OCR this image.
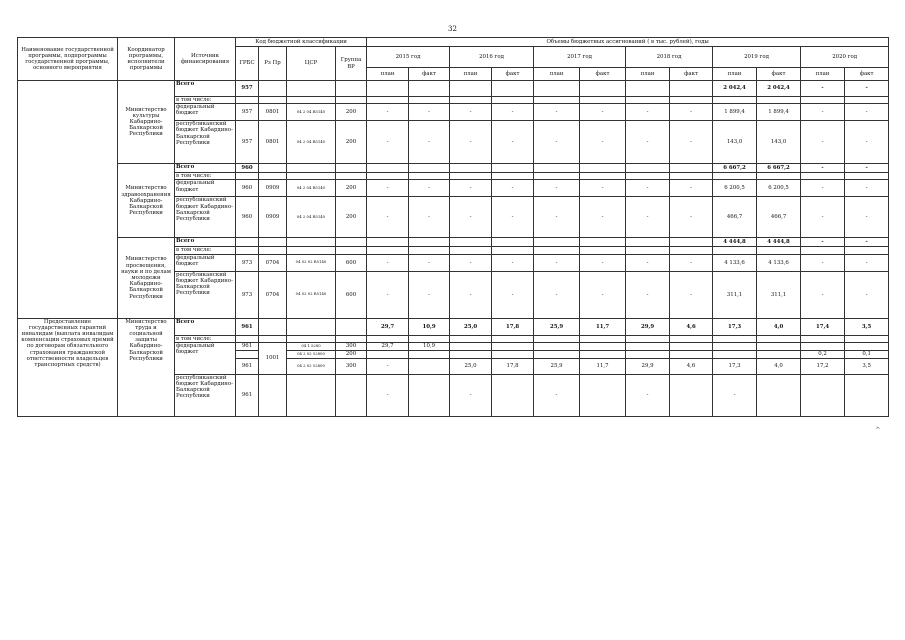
32
Наименование государственной программы, подпрограммы государственной программы, основного мероприятия	Координатор программы, исполнители программы	Источник финансирования	Код бюджетной классификации				Объемы бюджетных ассигнований ( в тыс. рублей), годы											
			ГРБС	Рз Пр	ЦСР	Группа ВР	2015 год		2016 год		2017 год		2018 год		2019 год		2020 год	
							план	факт	план	факт	план	факт	план	факт	план	факт	план	факт
	Министерство культуры Кабардино-Балкарской Республики	Всего	957												2 042,4	2 042,4	-	-
		в том числе:																
		федеральный бюджет	957	0801	04 2 04 R5140	200	-	-	-	-	-	-	-	-	1 899,4	1 899,4	-	-
		республиканский бюджет Кабардино-Балкарской Республики	957	0801	04 2 04 R5140	200	-	-	-	-	-	-	-	-	143,0	143,0	-	-
	Министерство здравоохранения Кабардино-Балкарской Республики	Всего	960												6 667,2	6 667,2	-	-
		в том числе:																
		федеральный бюджет	960	0909	04 2 04 R5140	200	-	-	-	-	-	-	-	-	6 200,5	6 200,5	-	-
		республиканский бюджет Кабардино-Балкарской Республики	960	0909	04 2 04 R5140	200	-	-	-	-	-	-	-	-	466,7	466,7	-	-
	Министерство просвещения, науки и по делам молодежи Кабардино-Балкарской Республики	Всего													4 444,8	4 444,8	-	-
		в том числе:																
		федеральный бюджет	973	0704	04 02 02 R5140	600	-	-	-	-	-	-	-	-	4 133,6	4 133,6	-	-
		республиканский бюджет Кабардино-Балкарской Республики	973	0704	04 02 02 R5140	600	-	-	-	-	-	-	-	-	311,1	311,1	-	-
Предоставление государственных гарантий инвалидам (выплата инвалидам компенсации страховых премий по договорам обязательного страхования гражданской ответственности владельцев транспортных средств)	Министерство труда и социальной защиты Кабардино-Балкарской Республики	Всего	961				29,7	10,9	25,0	17,8	25,9	11,7	29,9	4,6	17,3	4,0	17,4	3,5
		в том числе:																
		федеральный бюджет	961	1001	04 1 5280	300	29,7	10,9										
					04 2 02 52800	200											0,2	0,1
			961		04 2 02 52800	300	-		25,0	17,8	25,9	11,7	29,9	4,6	17,3	4,0	17,2	3,5
		республиканский бюджет Кабардино-Балкарской Республики	961				-		-		-		-		-			
».
